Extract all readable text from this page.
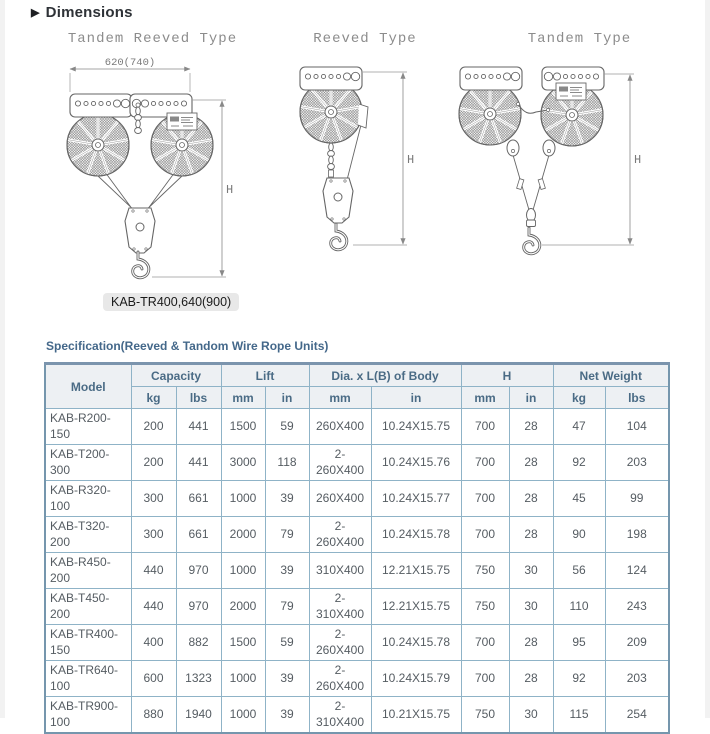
▶ Dimensions
Tandem Reeved Type	Reeved Type	Tandem Type
620(740)
H
H	H
KAB-TR400,640(900)
Specification(Reeved & Tandom Wire Rope Units)
Model	Capacity		Lift		Dia. x L(B) of Body		H		Net Weight	
	kg	lbs	mm	in	mm	in	mm	in	kg	lbs
KAB-R200-150	200	441	1500	59	260X400	10.24X15.75	700	28	47	104
KAB-T200-300	200	441	3000	118	2-260X400	10.24X15.76	700	28	92	203
KAB-R320-100	300	661	1000	39	260X400	10.24X15.77	700	28	45	99
KAB-T320-200	300	661	2000	79	2-260X400	10.24X15.78	700	28	90	198
KAB-R450-200	440	970	1000	39	310X400	12.21X15.75	750	30	56	124
KAB-T450-200	440	970	2000	79	2-310X400	12.21X15.75	750	30	110	243
KAB-TR400-150	400	882	1500	59	2-260X400	10.24X15.78	700	28	95	209
KAB-TR640-100	600	1323	1000	39	2-260X400	10.24X15.79	700	28	92	203
KAB-TR900-100	880	1940	1000	39	2-310X400	10.21X15.75	750	30	115	254
